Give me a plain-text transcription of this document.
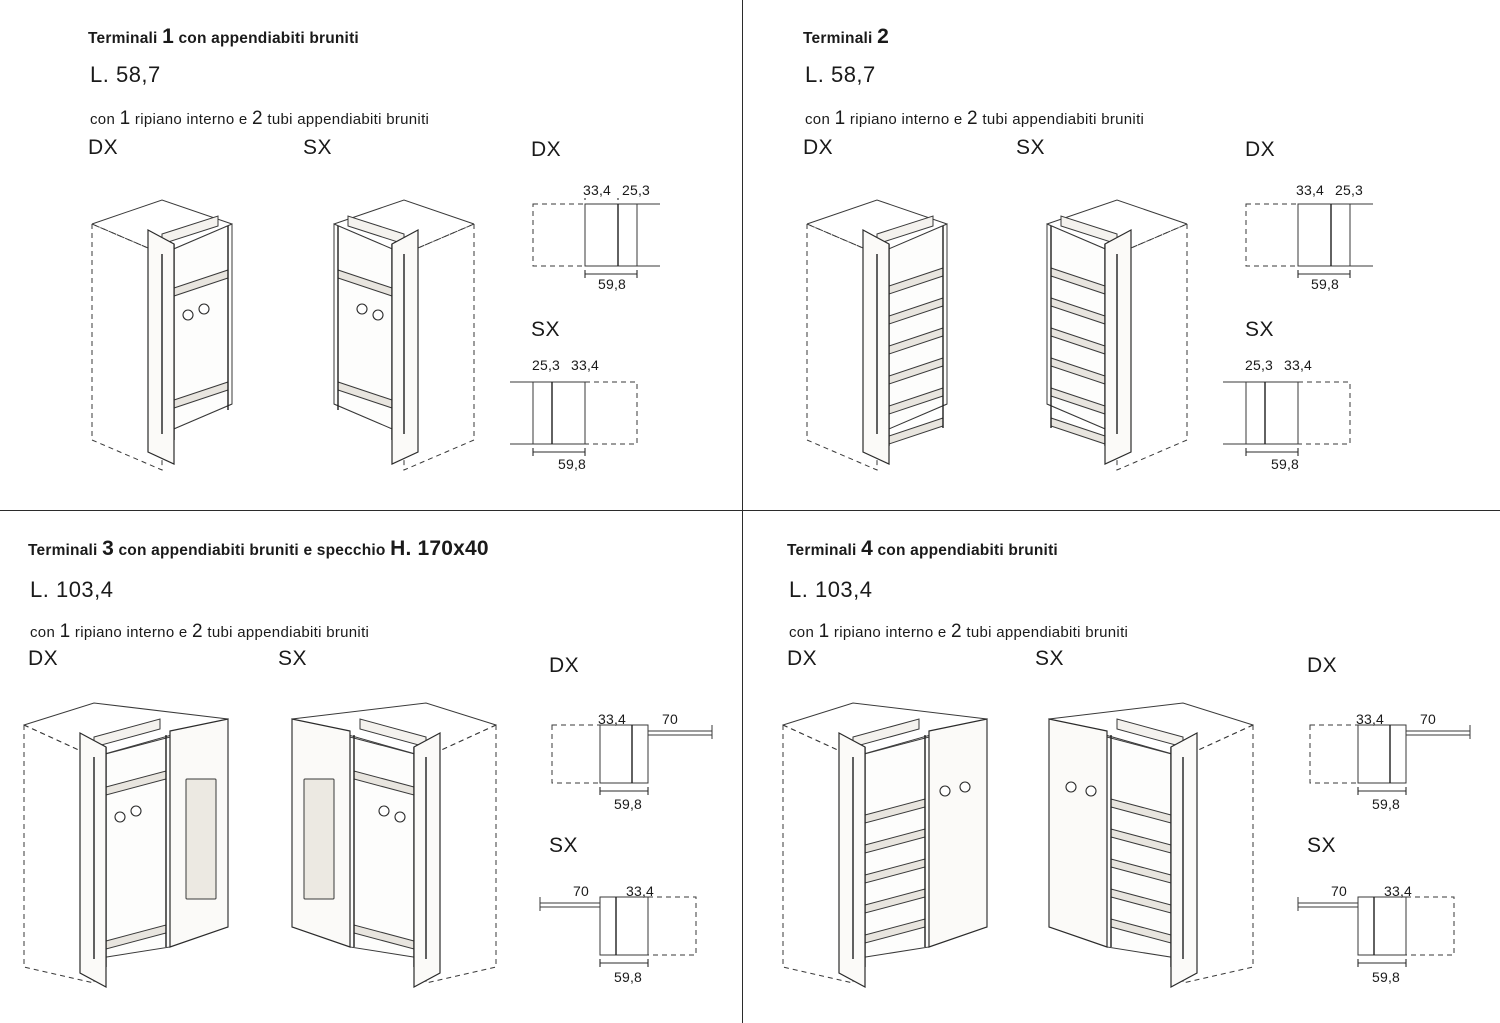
Terminali 1 con appendiabiti bruniti
L. 58,7
con 1 ripiano interno e 2 tubi appendiabiti bruniti
DX	SX	DX
33,4 25,3
59,8
SX
25,3 33,4
59,8
Terminali 2
L. 58,7
con 1 ripiano interno e 2 tubi appendiabiti bruniti
DX	SX	DX
33,4 25,3
59,8
SX
25,3 33,4
59,8
Terminali 3 con appendiabiti bruniti e specchio H. 170x40
L. 103,4
con 1 ripiano interno e 2 tubi appendiabiti bruniti
DX	SX	DX
33,4	70
59,8
SX
70	33,4
59,8
Terminali 4 con appendiabiti bruniti
L. 103,4
con 1 ripiano interno e 2 tubi appendiabiti bruniti
DX	SX	DX
33,4	70
59,8
SX
70	33,4
59,8
